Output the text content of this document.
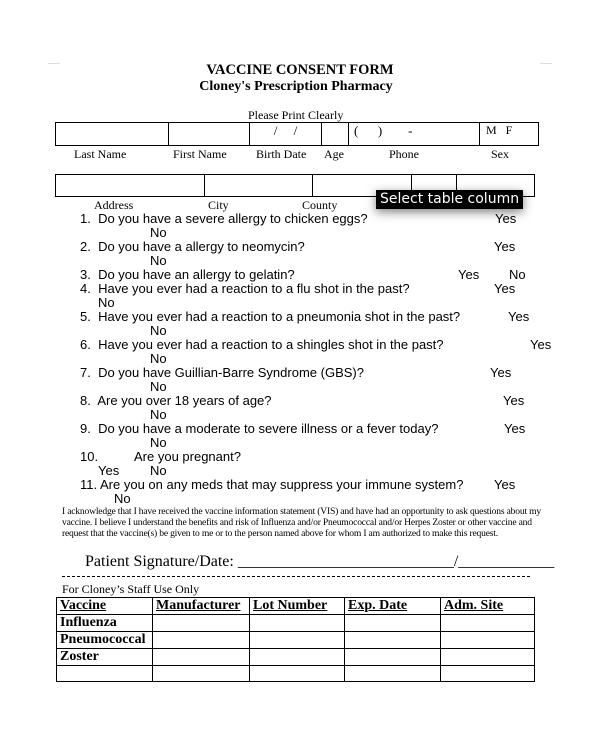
VACCINE CONSENT FORM
Cloney's Prescription Pharmacy
Please Print Clearly
		/     /		(      )        -	M   F
Last Name	First Name Birth Date Age	Phone	Sex

Address	City	County
1. Do you have a severe allergy to chicken eggs?	Yes
No
2. Do you have a allergy to neomycin?	Yes
No
3. Do you have an allergy to gelatin?	Yes No
4. Have you ever had a reaction to a flu shot in the past?	Yes
No
5. Have you ever had a reaction to a pneumonia shot in the past?	Yes
No
6. Have you ever had a reaction to a shingles shot in the past?	Yes
No
7. Do you have Guillian-Barre Syndrome (GBS)?	Yes
No
8. Are you over 18 years of age?	Yes
No
9. Do you have a moderate to severe illness or a fever today?	Yes
No
10.	Are you pregnant?
Yes No
11. Are you on any meds that may suppress your immune system? Yes
No
Select table column
I acknowledge that I have received the vaccine information statement (VIS) and have had an opportunity to ask questions about my vaccine. I believe I understand the benefits and risk of Influenza and/or Pneumococcal and/or Herpes Zoster or other vaccine and request that the vaccine(s) be given to me or to the person named above for whom I am authorized to make this request.
Patient Signature/Date: ___________________________/____________
For Cloney’s Staff Use Only
Vaccine	Manufacturer	Lot Number	Exp. Date	Adm. Site
Influenza				
Pneumococcal				
Zoster				
